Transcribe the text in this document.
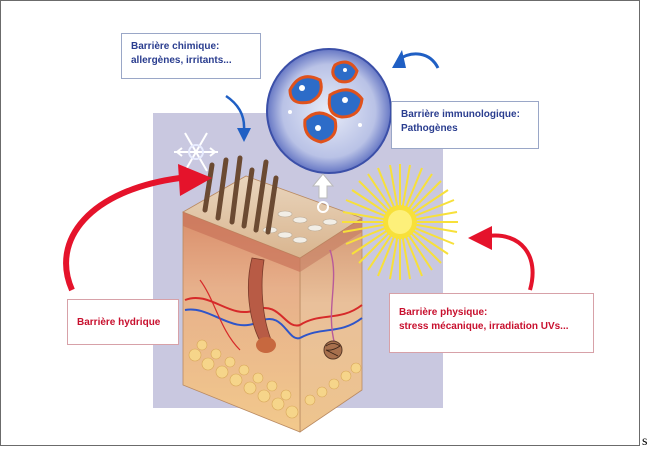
Barrière chimique:
allergènes, irritants...
Barrière immunologique:
Pathogènes
Barrière hydrique
Barrière physique:
stress mécanique, irradiation UVs...
s
